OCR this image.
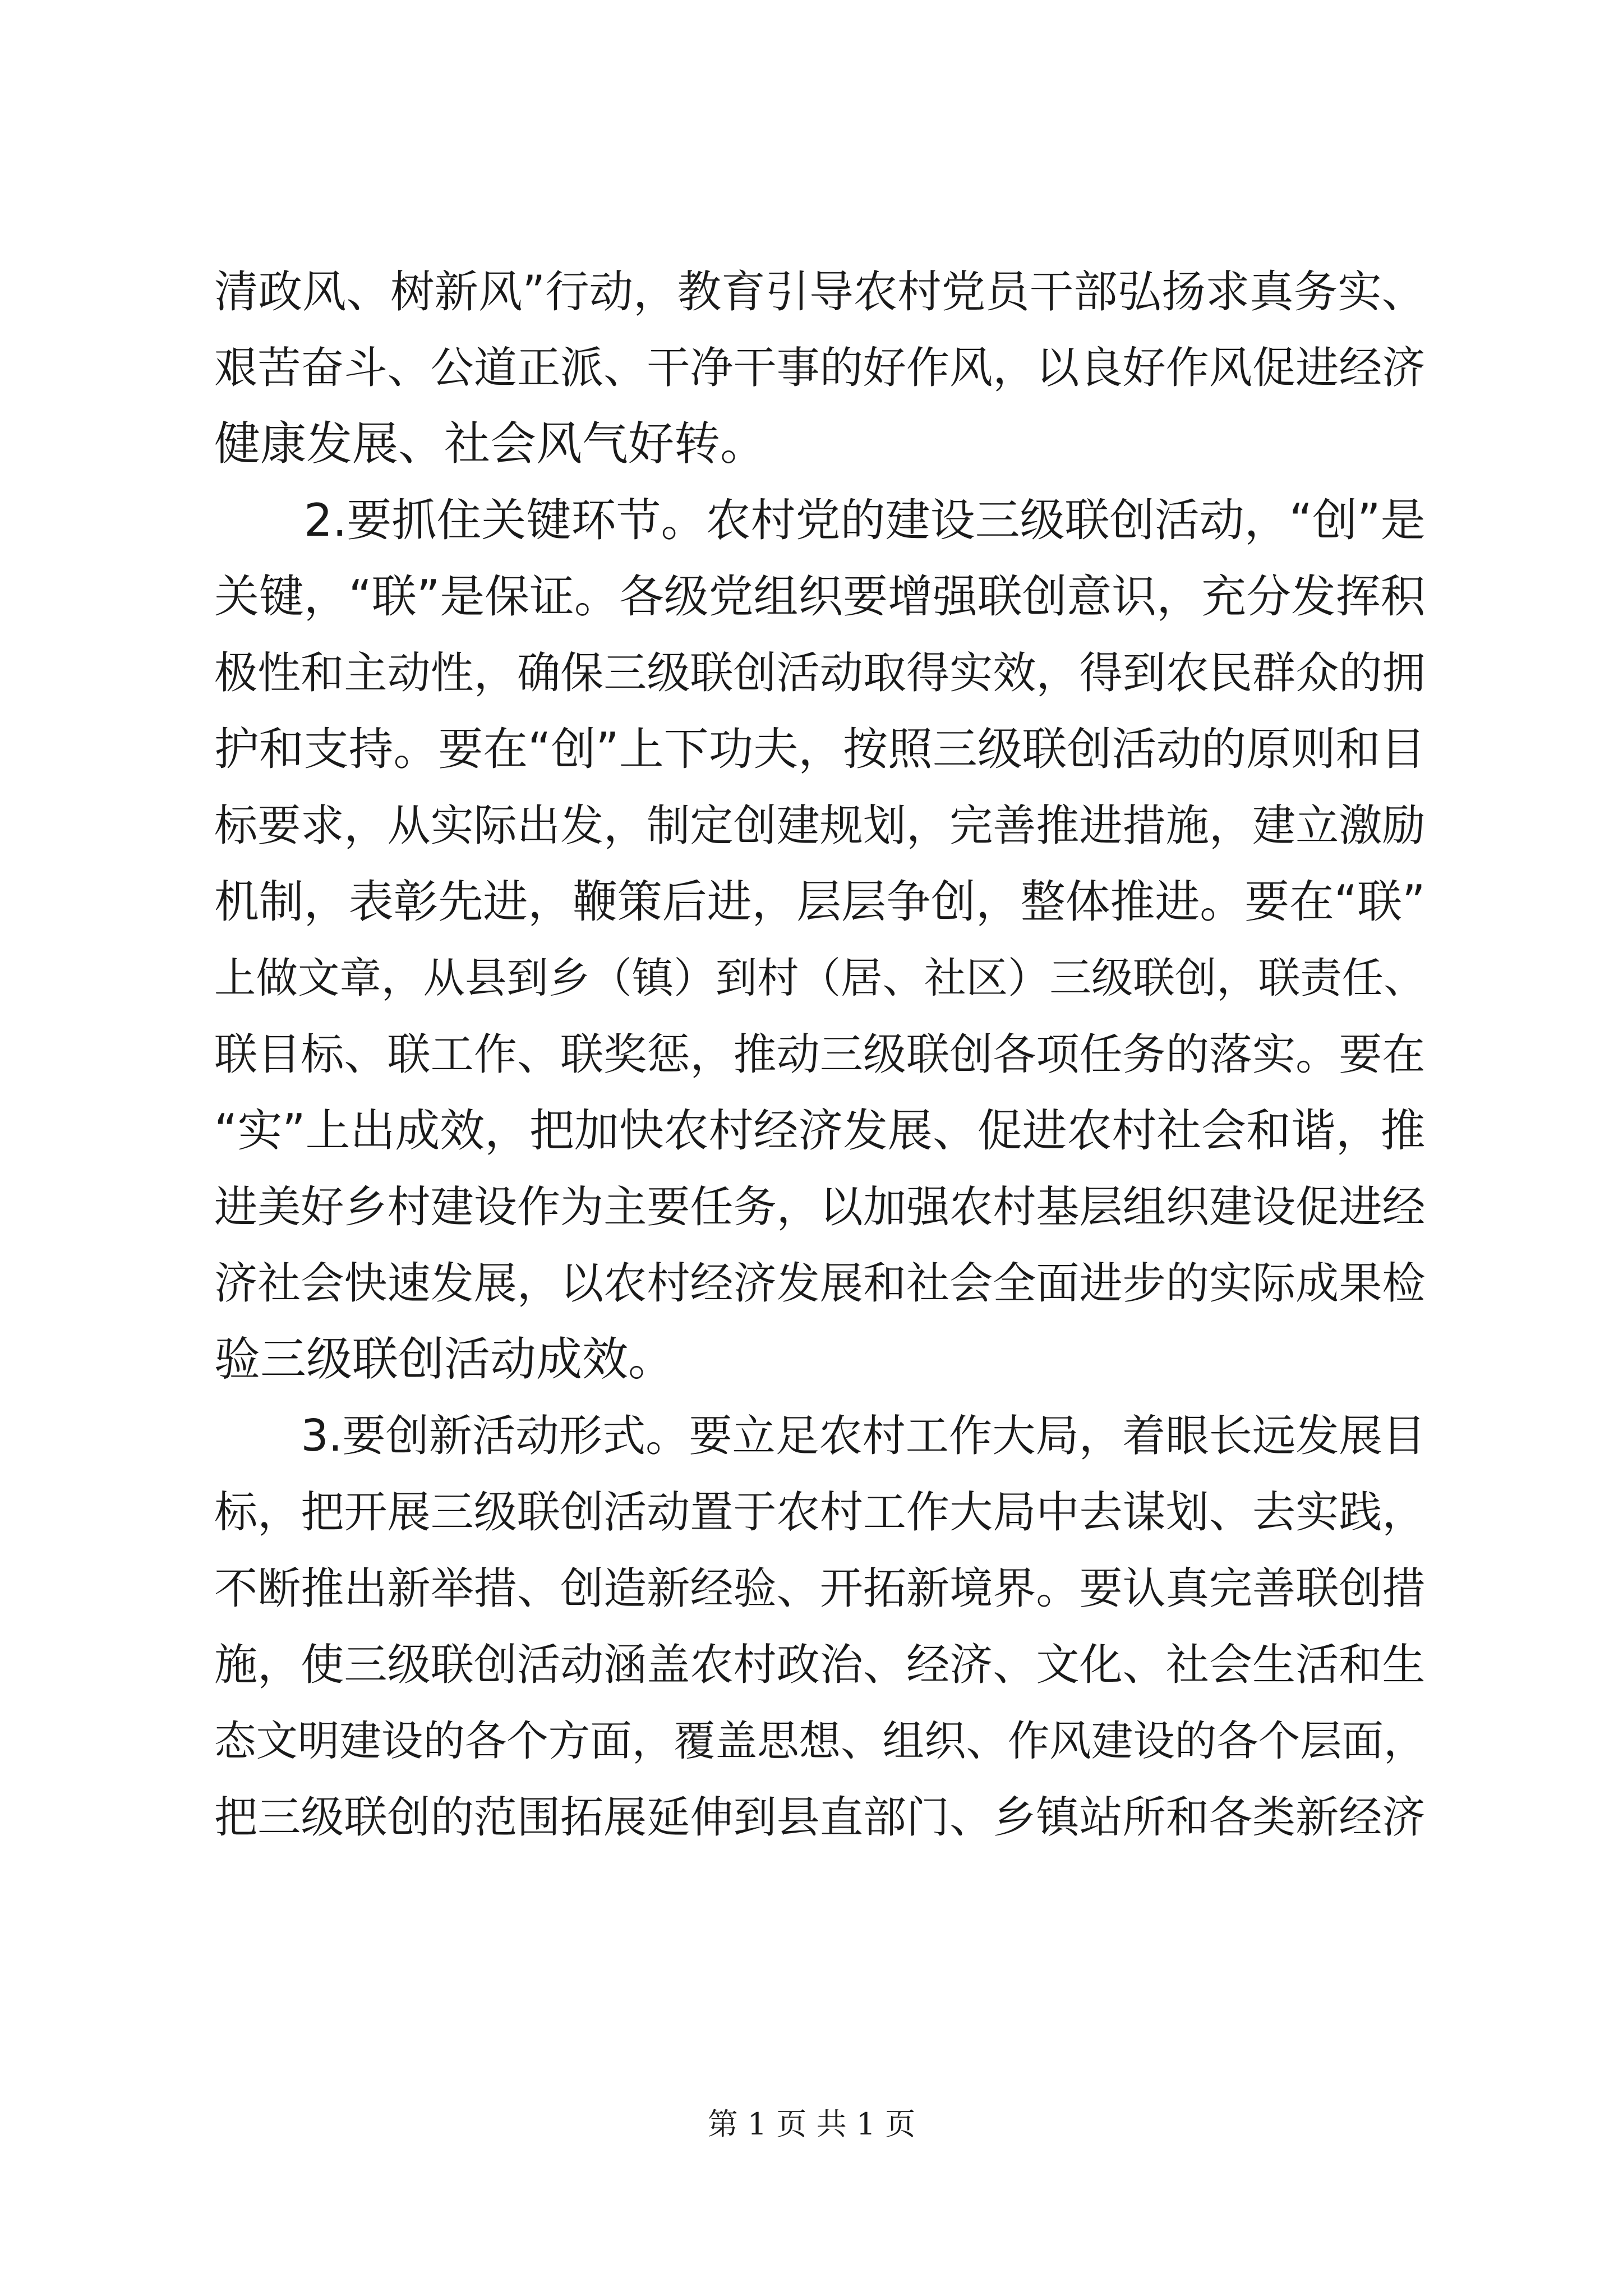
清政风、树新风”行动，教育引导农村党员干部弘扬求真务实、
艰苦奋斗、公道正派、干净干事的好作风，以良好作风促进经济
健康发展、社会风气好转。
　　2.要抓住关键环节。农村党的建设三级联创活动，“创”是
关键，“联”是保证。各级党组织要增强联创意识，充分发挥积
极性和主动性，确保三级联创活动取得实效，得到农民群众的拥
护和支持。要在“创”上下功夫，按照三级联创活动的原则和目
标要求，从实际出发，制定创建规划，完善推进措施，建立激励
机制，表彰先进，鞭策后进，层层争创，整体推进。要在“联”
上做文章，从县到乡（镇）到村（居、社区）三级联创，联责任、
联目标、联工作、联奖惩，推动三级联创各项任务的落实。要在
“实”上出成效，把加快农村经济发展、促进农村社会和谐，推
进美好乡村建设作为主要任务，以加强农村基层组织建设促进经
济社会快速发展，以农村经济发展和社会全面进步的实际成果检
验三级联创活动成效。
　　3.要创新活动形式。要立足农村工作大局，着眼长远发展目
标，把开展三级联创活动置于农村工作大局中去谋划、去实践，
不断推出新举措、创造新经验、开拓新境界。要认真完善联创措
施，使三级联创活动涵盖农村政治、经济、文化、社会生活和生
态文明建设的各个方面，覆盖思想、组织、作风建设的各个层面，
把三级联创的范围拓展延伸到县直部门、乡镇站所和各类新经济
第 1 页 共 1 页
